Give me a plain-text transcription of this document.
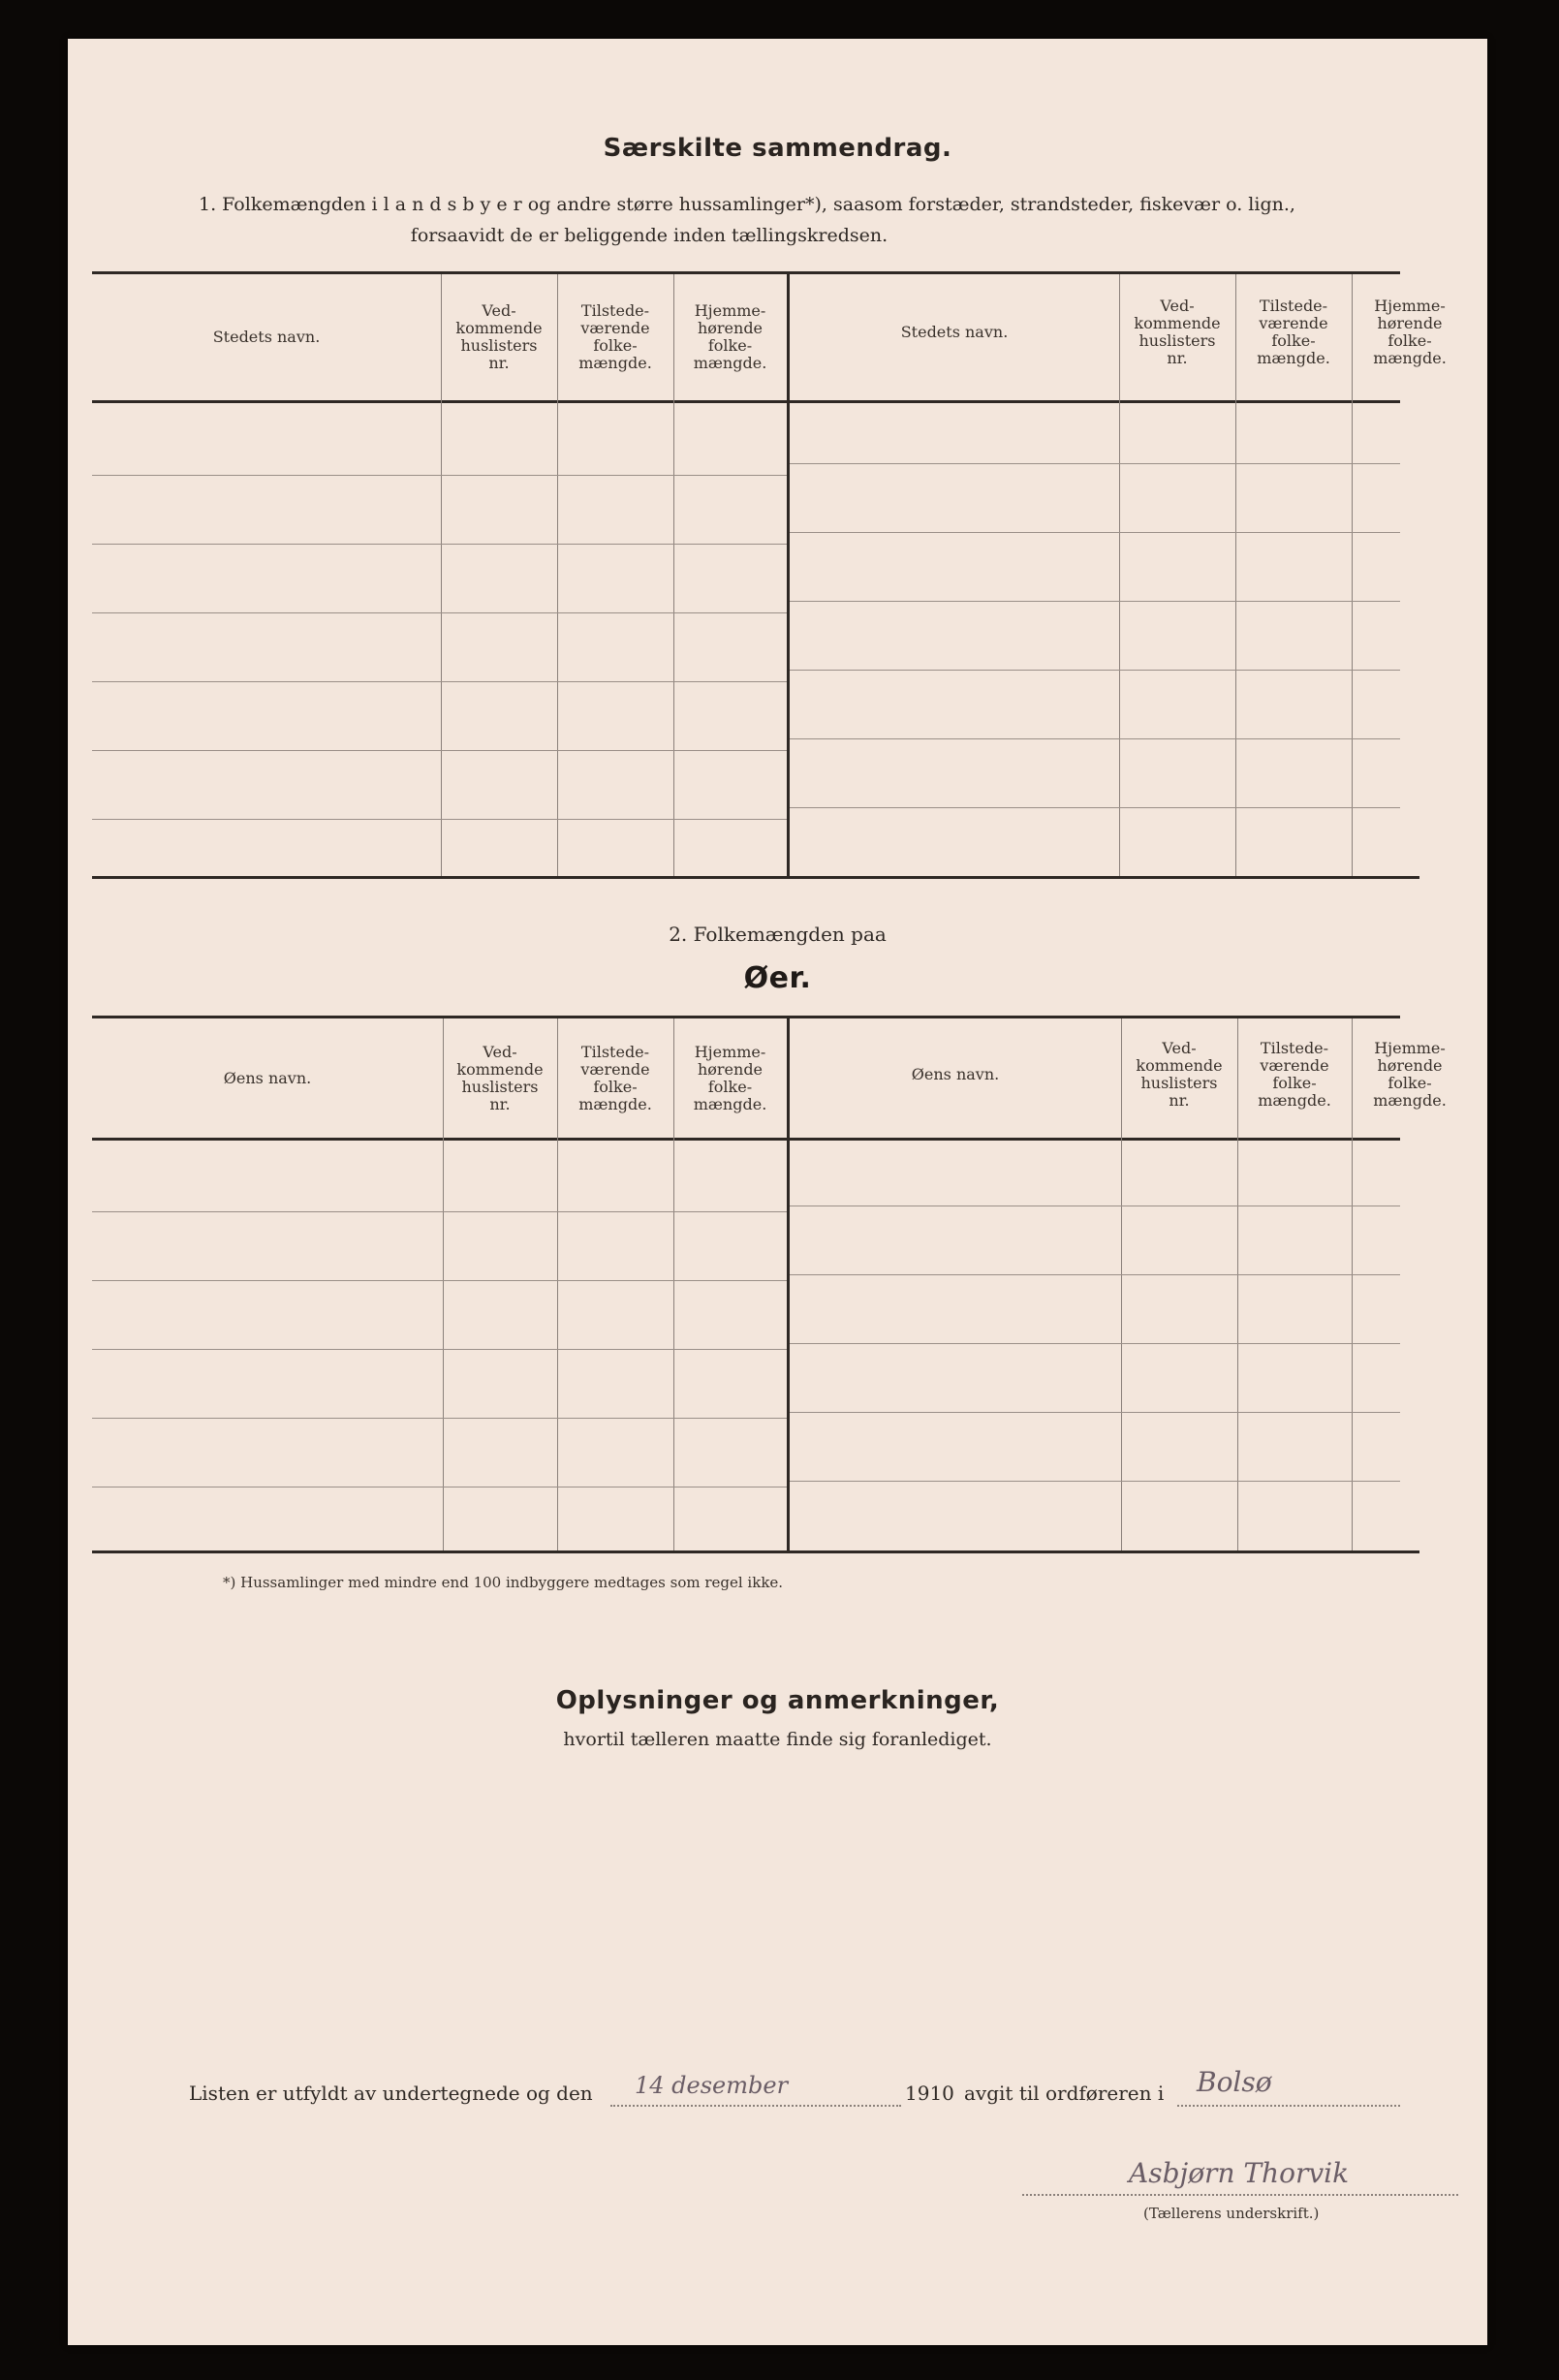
Særskilte sammendrag.
1. Folkemængden i l a n d s b y e r og andre større hussamlinger*), saasom forstæder, strandsteder, fiskevær o. lign.,
forsaavidt de er beliggende inden tællingskredsen.
Stedets navn.
Ved-
kommende
huslisters
nr.
Tilstede-
værende
folke-
mængde.
Hjemme-
hørende
folke-
mængde.
Stedets navn.
Ved-
kommende
huslisters
nr.
Tilstede-
værende
folke-
mængde.
Hjemme-
hørende
folke-
mængde.
2. Folkemængden paa
Øer.
Øens navn.
Ved-
kommende
huslisters
nr.
Tilstede-
værende
folke-
mængde.
Hjemme-
hørende
folke-
mængde.
Øens navn.
Ved-
kommende
huslisters
nr.
Tilstede-
værende
folke-
mængde.
Hjemme-
hørende
folke-
mængde.
*) Hussamlinger med mindre end 100 indbyggere medtages som regel ikke.
Oplysninger og anmerkninger,
hvortil tælleren maatte finde sig foranlediget.
Listen er utfyldt av undertegnede og den 14 desember	1910 avgit til ordføreren i Bolsø
Asbjørn Thorvik
(Tællerens underskrift.)
